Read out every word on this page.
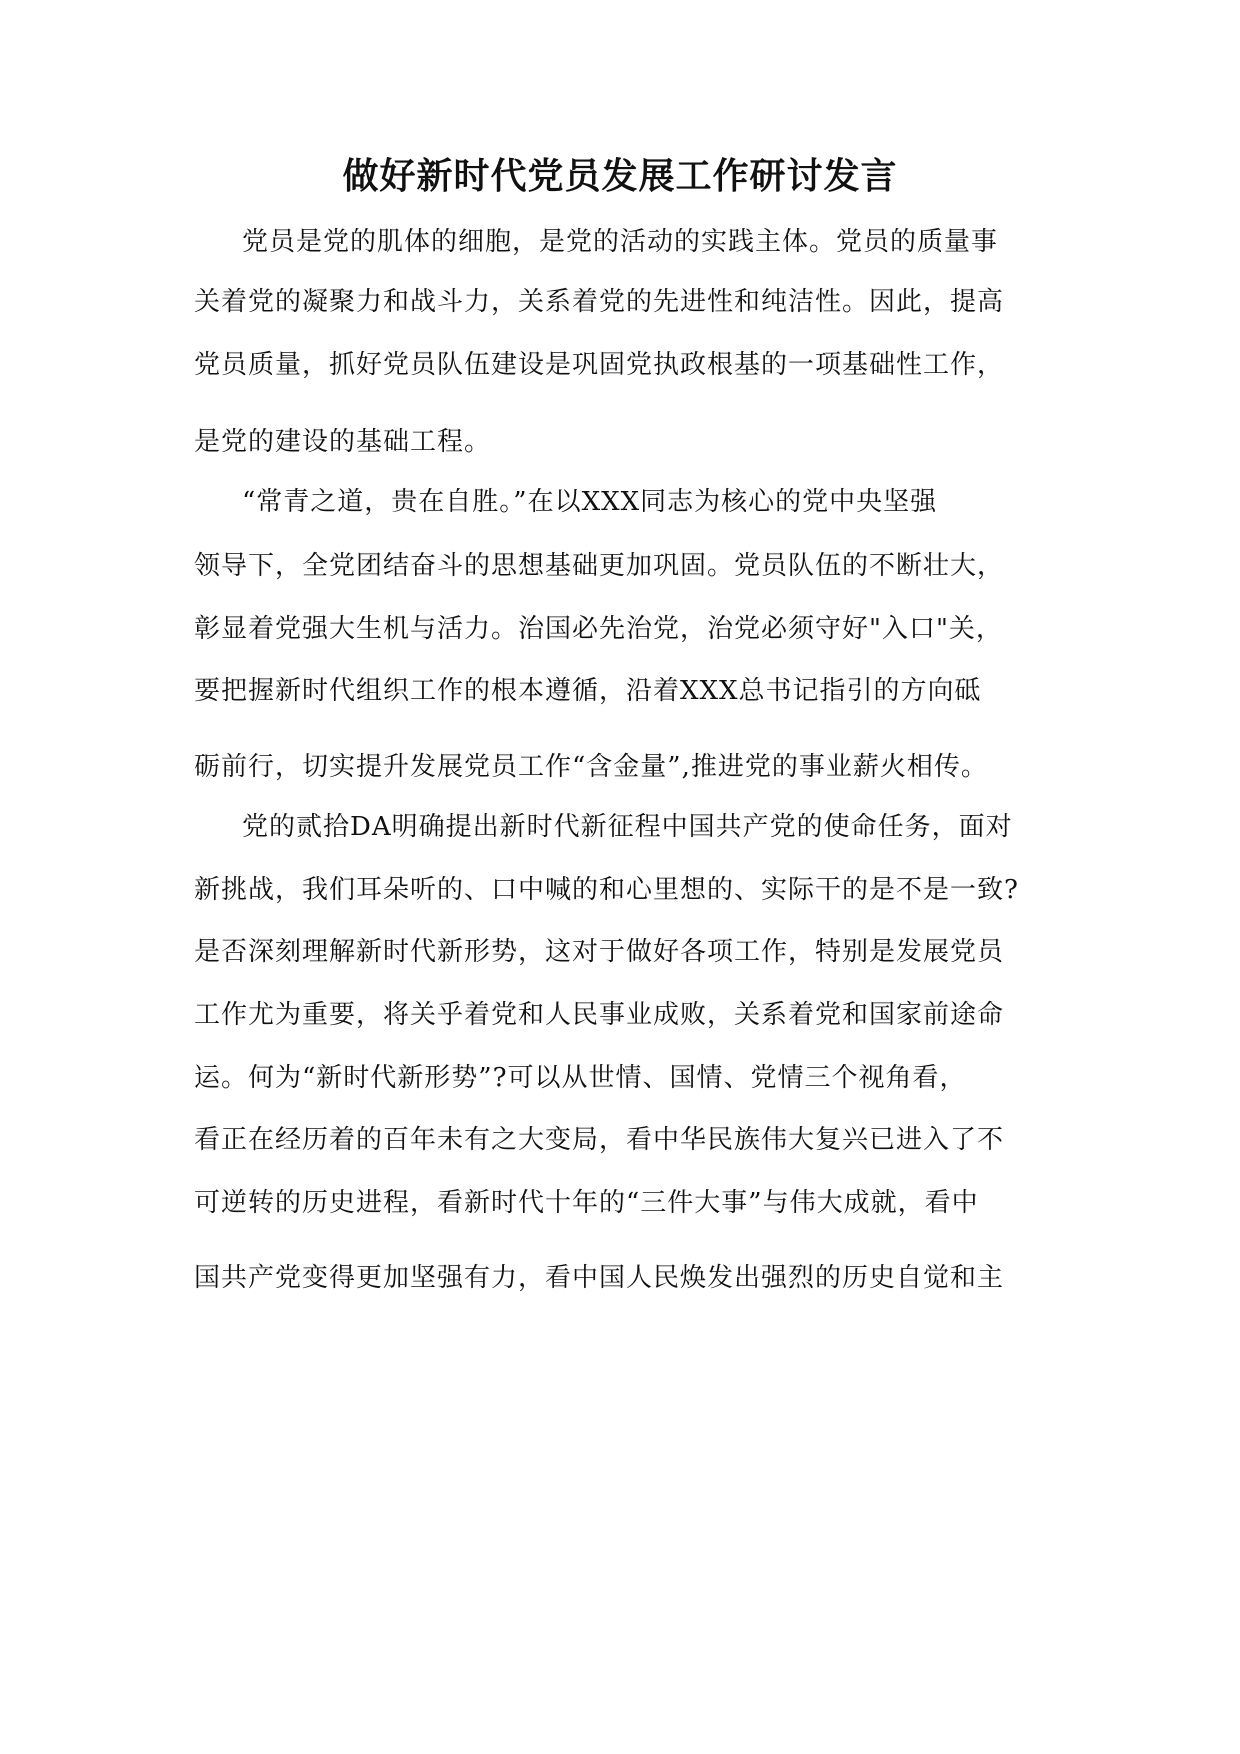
做好新时代党员发展工作研讨发言

党员是党的肌体的细胞，是党的活动的实践主体。党员的质量事

关着党的凝聚力和战斗力，关系着党的先进性和纯洁性。因此，提高

党员质量，抓好党员队伍建设是巩固党执政根基的一项基础性工作，

是党的建设的基础工程。

“常青之道，贵在自胜。”在以XXX同志为核心的党中央坚强

领导下，全党团结奋斗的思想基础更加巩固。党员队伍的不断壮大，

彰显着党强大生机与活力。治国必先治党，治党必须守好"入口"关，

要把握新时代组织工作的根本遵循，沿着XXX总书记指引的方向砥

砺前行，切实提升发展党员工作“含金量”,推进党的事业薪火相传。

党的贰拾DA明确提出新时代新征程中国共产党的使命任务，面对

新挑战，我们耳朵听的、口中喊的和心里想的、实际干的是不是一致?

是否深刻理解新时代新形势，这对于做好各项工作，特别是发展党员

工作尤为重要，将关乎着党和人民事业成败，关系着党和国家前途命

运。何为“新时代新形势”?可以从世情、国情、党情三个视角看，

看正在经历着的百年未有之大变局，看中华民族伟大复兴已进入了不

可逆转的历史进程，看新时代十年的“三件大事”与伟大成就，看中

国共产党变得更加坚强有力，看中国人民焕发出强烈的历史自觉和主
